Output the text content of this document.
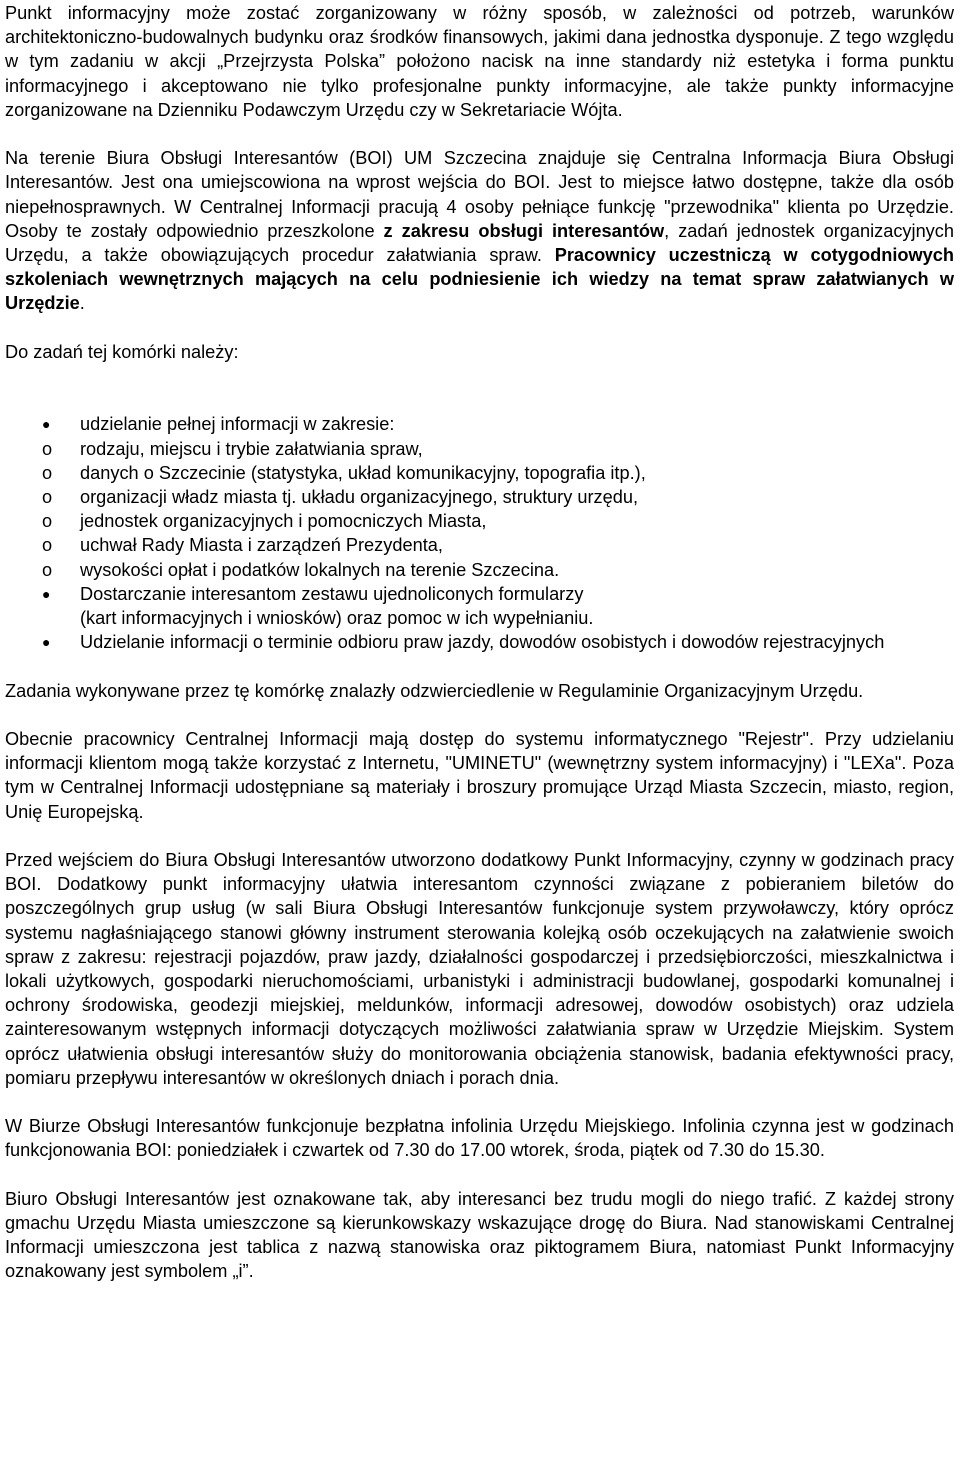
Punkt informacyjny może zostać zorganizowany w różny sposób, w zależności od potrzeb, warunków architektoniczno-budowalnych budynku oraz środków finansowych, jakimi dana jednostka dysponuje. Z tego względu w tym zadaniu w akcji „Przejrzysta Polska” położono nacisk na inne standardy niż estetyka i forma punktu informacyjnego i akceptowano nie tylko profesjonalne punkty informacyjne, ale także punkty informacyjne zorganizowane na Dzienniku Podawczym Urzędu czy w Sekretariacie Wójta.

Na terenie Biura Obsługi Interesantów (BOI) UM Szczecina znajduje się Centralna Informacja Biura Obsługi Interesantów. Jest ona umiejscowiona na wprost wejścia do BOI. Jest to miejsce łatwo dostępne, także dla osób niepełnosprawnych. W Centralnej Informacji pracują 4 osoby pełniące funkcję "przewodnika" klienta po Urzędzie. Osoby te zostały odpowiednio przeszkolone z zakresu obsługi interesantów, zadań jednostek organizacyjnych Urzędu, a także obowiązujących procedur załatwiania spraw. Pracownicy uczestniczą w cotygodniowych szkoleniach wewnętrznych mających na celu podniesienie ich wiedzy na temat spraw załatwianych w Urzędzie.

Do zadań tej komórki należy:

● udzielanie pełnej informacji w zakresie:
o rodzaju, miejscu i trybie załatwiania spraw,
o danych o Szczecinie (statystyka, układ komunikacyjny, topografia itp.),
o organizacji władz miasta tj. układu organizacyjnego, struktury urzędu,
o jednostek organizacyjnych i pomocniczych Miasta,
o uchwał Rady Miasta i zarządzeń Prezydenta,
o wysokości opłat i podatków lokalnych na terenie Szczecina.
● Dostarczanie interesantom zestawu ujednoliconych formularzy
(kart informacyjnych i wniosków) oraz pomoc w ich wypełnianiu.
● Udzielanie informacji o terminie odbioru praw jazdy, dowodów osobistych i dowodów rejestracyjnych

Zadania wykonywane przez tę komórkę znalazły odzwierciedlenie w Regulaminie Organizacyjnym Urzędu.

Obecnie pracownicy Centralnej Informacji mają dostęp do systemu informatycznego "Rejestr". Przy udzielaniu informacji klientom mogą także korzystać z Internetu, "UMINETU" (wewnętrzny system informacyjny) i "LEXa". Poza tym w Centralnej Informacji udostępniane są materiały i broszury promujące Urząd Miasta Szczecin, miasto, region, Unię Europejską.

Przed wejściem do Biura Obsługi Interesantów utworzono dodatkowy Punkt Informacyjny, czynny w godzinach pracy BOI. Dodatkowy punkt informacyjny ułatwia interesantom czynności związane z pobieraniem biletów do poszczególnych grup usług (w sali Biura Obsługi Interesantów funkcjonuje system przywoławczy, który oprócz systemu nagłaśniającego stanowi główny instrument sterowania kolejką osób oczekujących na załatwienie swoich spraw z zakresu: rejestracji pojazdów, praw jazdy, działalności gospodarczej i przedsiębiorczości, mieszkalnictwa i lokali użytkowych, gospodarki nieruchomościami, urbanistyki i administracji budowlanej, gospodarki komunalnej i ochrony środowiska, geodezji miejskiej, meldunków, informacji adresowej, dowodów osobistych) oraz udziela zainteresowanym wstępnych informacji dotyczących możliwości załatwiania spraw w Urzędzie Miejskim. System oprócz ułatwienia obsługi interesantów służy do monitorowania obciążenia stanowisk, badania efektywności pracy, pomiaru przepływu interesantów w określonych dniach i porach dnia.

W Biurze Obsługi Interesantów funkcjonuje bezpłatna infolinia Urzędu Miejskiego. Infolinia czynna jest w godzinach funkcjonowania BOI: poniedziałek i czwartek od 7.30 do 17.00 wtorek, środa, piątek od 7.30 do 15.30.

Biuro Obsługi Interesantów jest oznakowane tak, aby interesanci bez trudu mogli do niego trafić. Z każdej strony gmachu Urzędu Miasta umieszczone są kierunkowskazy wskazujące drogę do Biura. Nad stanowiskami Centralnej Informacji umieszczona jest tablica z nazwą stanowiska oraz piktogramem Biura, natomiast Punkt Informacyjny oznakowany jest symbolem „i”.
